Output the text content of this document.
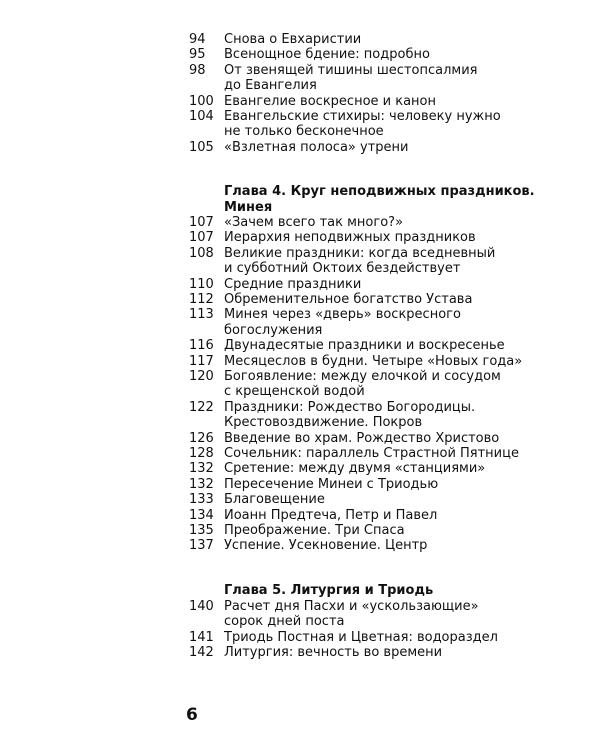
94 Снова о Евхаристии
95 Всенощное бдение: подробно
98 От звенящей тишины шестопсалмия
до Евангелия
100 Евангелие воскресное и канон
104 Евангельские стихиры: человеку нужно
не только бесконечное
105 «Взлетная полоса» утрени
Глава 4. Круг неподвижных праздников.
Минея
107 «Зачем всего так много?»
107 Иерархия неподвижных праздников
108 Великие праздники: когда вседневный
и субботний Октоих бездействует
110 Средние праздники
112 Обременительное богатство Устава
113 Минея через «дверь» воскресного
богослужения
116 Двунадесятые праздники и воскресенье
117 Месяцеслов в будни. Четыре «Новых года»
120 Богоявление: между елочкой и сосудом
с крещенской водой
122 Праздники: Рождество Богородицы.
Крестовоздвижение. Покров
126 Введение во храм. Рождество Христово
128 Сочельник: параллель Страстной Пятнице
132 Сретение: между двумя «станциями»
132 Пересечение Минеи с Триодью
133 Благовещение
134 Иоанн Предтеча, Петр и Павел
135 Преображение. Три Спаса
137 Успение. Усекновение. Центр
Глава 5. Литургия и Триодь
140 Расчет дня Пасхи и «ускользающие»
сорок дней поста
141 Триодь Постная и Цветная: водораздел
142 Литургия: вечность во времени
6
